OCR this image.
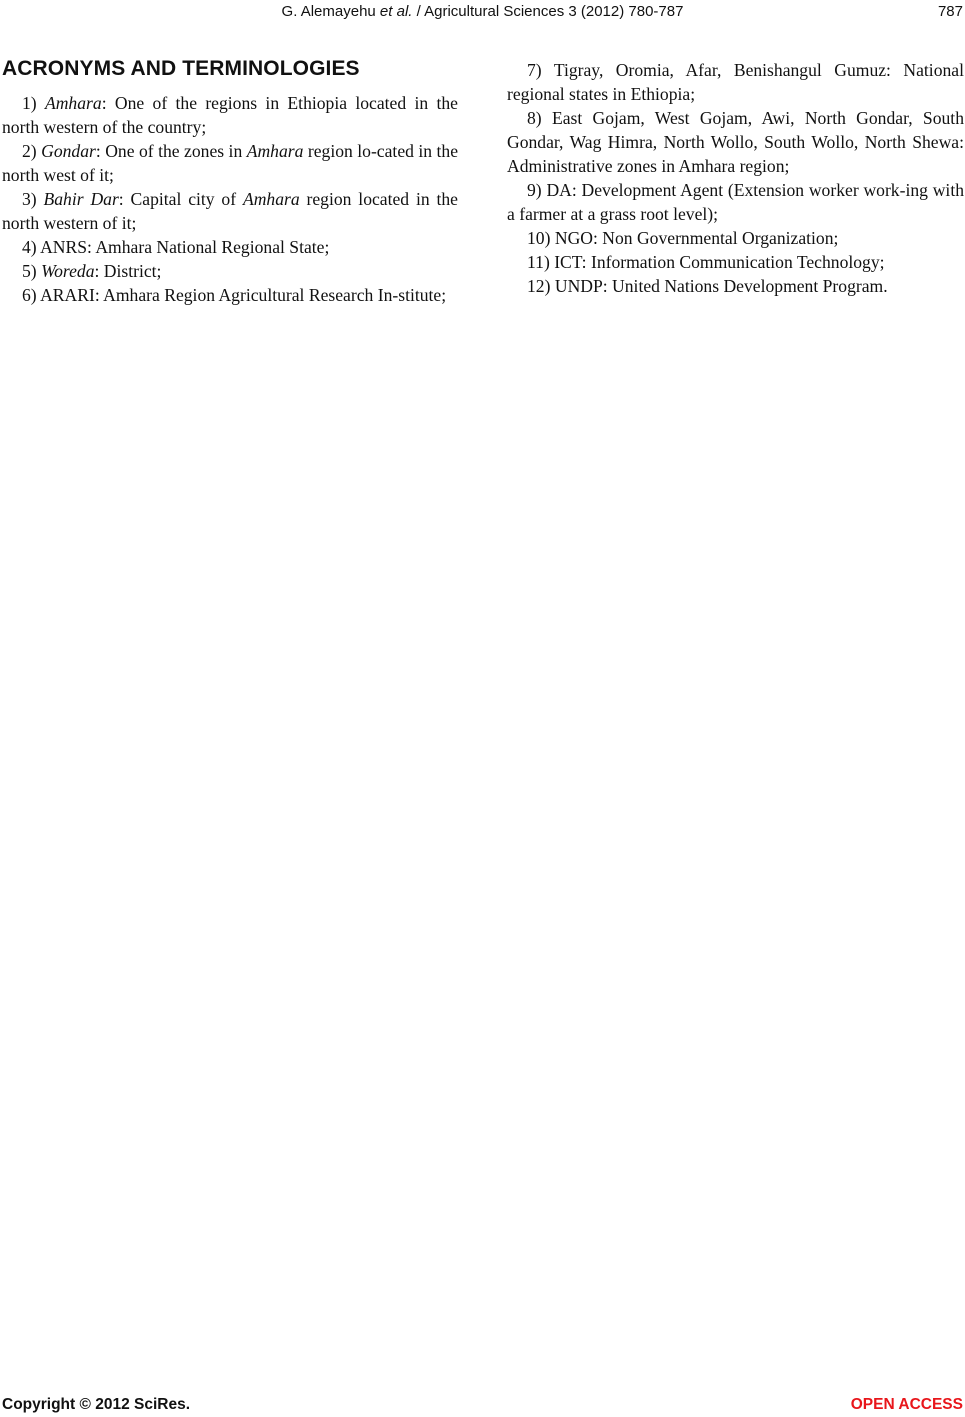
G. Alemayehu et al. / Agricultural Sciences 3 (2012) 780-787	787
ACRONYMS AND TERMINOLOGIES

1) Amhara: One of the regions in Ethiopia located in the north western of the country;

2) Gondar: One of the zones in Amhara region lo-cated in the north west of it;

3) Bahir Dar: Capital city of Amhara region located in the north western of it;

4) ANRS: Amhara National Regional State;

5) Woreda: District;

6) ARARI: Amhara Region Agricultural Research In-stitute;

7) Tigray, Oromia, Afar, Benishangul Gumuz: National regional states in Ethiopia;

8) East Gojam, West Gojam, Awi, North Gondar, South Gondar, Wag Himra, North Wollo, South Wollo, North Shewa: Administrative zones in Amhara region;

9) DA: Development Agent (Extension worker work-ing with a farmer at a grass root level);

10) NGO: Non Governmental Organization;

11) ICT: Information Communication Technology;

12) UNDP: United Nations Development Program.

Copyright © 2012 SciRes.	OPEN ACCESS
